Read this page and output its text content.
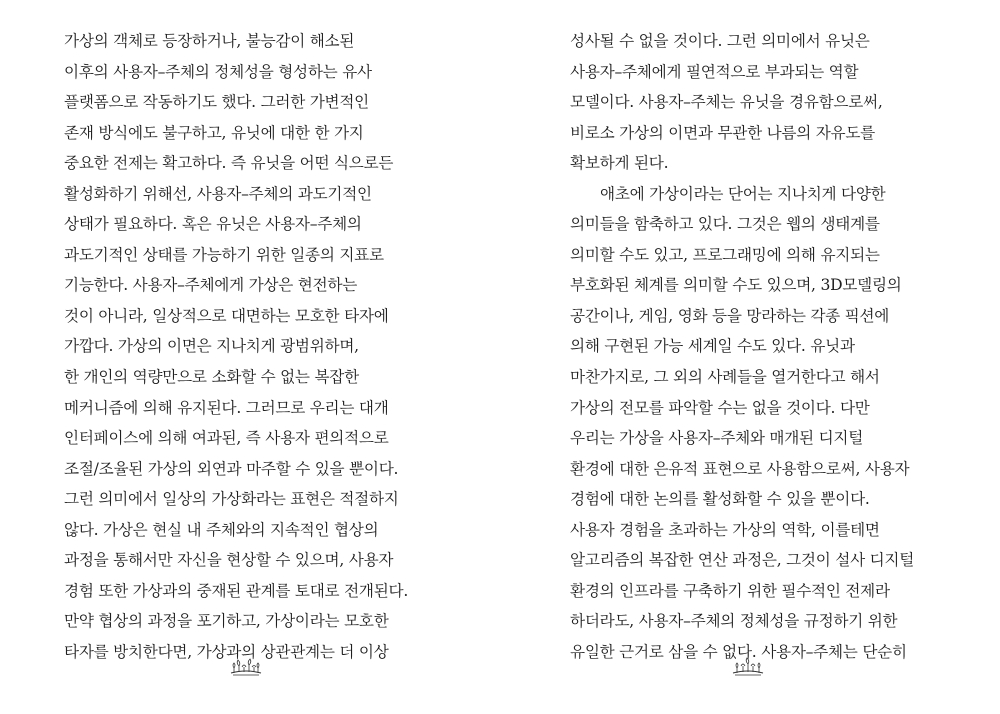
가상의 객체로 등장하거나, 불능감이 해소된
이후의 사용자–주체의 정체성을 형성하는 유사
플랫폼으로 작동하기도 했다. 그러한 가변적인
존재 방식에도 불구하고, 유닛에 대한 한 가지
중요한 전제는 확고하다. 즉 유닛을 어떤 식으로든
활성화하기 위해선, 사용자–주체의 과도기적인
상태가 필요하다. 혹은 유닛은 사용자–주체의
과도기적인 상태를 가능하기 위한 일종의 지표로
기능한다. 사용자–주체에게 가상은 현전하는
것이 아니라, 일상적으로 대면하는 모호한 타자에
가깝다. 가상의 이면은 지나치게 광범위하며,
한 개인의 역량만으로 소화할 수 없는 복잡한
메커니즘에 의해 유지된다. 그러므로 우리는 대개
인터페이스에 의해 여과된, 즉 사용자 편의적으로
조절/조율된 가상의 외연과 마주할 수 있을 뿐이다.
그런 의미에서 일상의 가상화라는 표현은 적절하지
않다. 가상은 현실 내 주체와의 지속적인 협상의
과정을 통해서만 자신을 현상할 수 있으며, 사용자
경험 또한 가상과의 중재된 관계를 토대로 전개된다.
만약 협상의 과정을 포기하고, 가상이라는 모호한
타자를 방치한다면, 가상과의 상관관계는 더 이상
성사될 수 없을 것이다. 그런 의미에서 유닛은
사용자–주체에게 필연적으로 부과되는 역할
모델이다. 사용자–주체는 유닛을 경유함으로써,
비로소 가상의 이면과 무관한 나름의 자유도를
확보하게 된다.
애초에 가상이라는 단어는 지나치게 다양한
의미들을 함축하고 있다. 그것은 웹의 생태계를
의미할 수도 있고, 프로그래밍에 의해 유지되는
부호화된 체계를 의미할 수도 있으며, 3D모델링의
공간이나, 게임, 영화 등을 망라하는 각종 픽션에
의해 구현된 가능 세계일 수도 있다. 유닛과
마찬가지로, 그 외의 사례들을 열거한다고 해서
가상의 전모를 파악할 수는 없을 것이다. 다만
우리는 가상을 사용자–주체와 매개된 디지털
환경에 대한 은유적 표현으로 사용함으로써, 사용자
경험에 대한 논의를 활성화할 수 있을 뿐이다.
사용자 경험을 초과하는 가상의 역학, 이를테면
알고리즘의 복잡한 연산 과정은, 그것이 설사 디지털
환경의 인프라를 구축하기 위한 필수적인 전제라
하더라도, 사용자–주체의 정체성을 규정하기 위한
유일한 근거로 삼을 수 없다. 사용자–주체는 단순히
